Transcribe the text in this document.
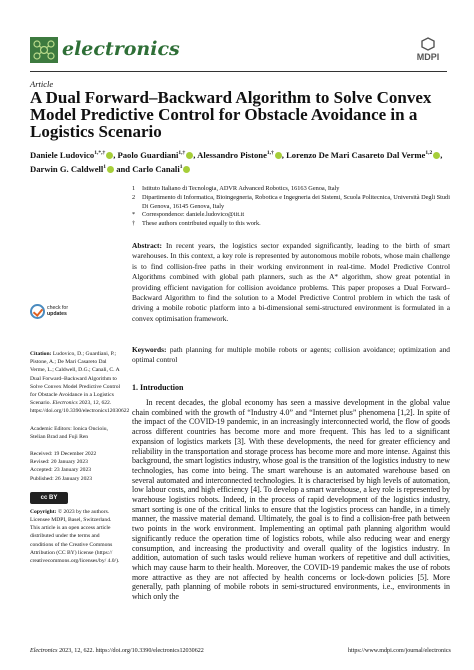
electronics	MDPI
Article
A Dual Forward–Backward Algorithm to Solve Convex Model Predictive Control for Obstacle Avoidance in a Logistics Scenario
Daniele Ludovico$^{1,*,\dagger}$ , Paolo Guardiani$^{1,\dagger}$ , Alessandro Pistone$^{1,\dagger}$ , Lorenzo De Mari Casareto Dal Verme$^{1,2}$ , Darwin G. Caldwell$^1$ and Carlo Canali$^1$
1	Istituto Italiano di Tecnologia, ADVR Advanced Robotics, 16163 Genoa, Italy
2	Dipartimento di Informatica, Bioingegneria, Robotica e Ingegneria dei Sistemi, Scuola Politecnica, Università Degli Studi Di Genova, 16145 Genova, Italy
*	Correspondence: daniele.ludovico@iit.it
†	These authors contributed equally to this work.
Abstract: In recent years, the logistics sector expanded significantly, leading to the birth of smart warehouses. In this context, a key role is represented by autonomous mobile robots, whose main challenge is to find collision-free paths in their working environment in real-time. Model Predictive Control Algorithms combined with global path planners, such as the A* algorithm, show great potential in providing efficient navigation for collision avoidance problems. This paper proposes a Dual Forward–Backward Algorithm to find the solution to a Model Predictive Control problem in which the task of driving a mobile robotic platform into a bi-dimensional semi-structured environment is formulated in a convex optimisation framework.
Keywords: path planning for multiple mobile robots or agents; collision avoidance; optimization and optimal control
check for
updates

Citation: Ludovico, D.; Guardiani, P.; Pistone, A.; De Mari Casareto Dal Verme, L.; Caldwell, D.G.; Canali, C. A Dual Forward–Backward Algorithm to Solve Convex Model Predictive Control for Obstacle Avoidance in a Logistics Scenario. Electronics 2023, 12, 622. https://doi.org/10.3390/electronics12030622

Academic Editors: Ionica Oncioiu, Stelian Brad and Fuji Ren

Received: 19 December 2022
Revised: 20 January 2023
Accepted: 23 January 2023
Published: 26 January 2023

cc BY

Copyright: © 2023 by the authors. Licensee MDPI, Basel, Switzerland. This article is an open access article distributed under the terms and conditions of the Creative Commons Attribution (CC BY) license (https:// creativecommons.org/licenses/by/ 4.0/).

1. Introduction
In recent decades, the global economy has seen a massive development in the global value chain combined with the growth of “Industry 4.0” and “Internet plus” phenomena [1,2]. In spite of the impact of the COVID-19 pandemic, in an increasingly interconnected world, the flow of goods across different countries has become more and more frequent. This has led to a significant expansion of logistics markets [3]. With these developments, the need for greater efficiency and reliability in the transportation and storage process has become more and more intense. Against this background, the smart logistics industry, whose goal is the transition of the logistics industry to new technologies, has come into being. The smart warehouse is an automated warehouse based on several automated and interconnected technologies. It is characterised by high levels of automation, low labour costs, and high efficiency [4]. To develop a smart warehouse, a key role is represented by warehouse logistics robots. Indeed, in the process of rapid development of the logistics industry, smart sorting is one of the critical links to ensure that the logistics process can handle, in a timely manner, the massive material demand. Ultimately, the goal is to find a collision-free path between two points in the work environment. Implementing an optimal path planning algorithm would significantly reduce the operation time of logistics robots, while also reducing wear and energy consumption, and increasing the productivity and overall quality of the logistics industry. In addition, automation of such tasks would relieve human workers of repetitive and dull activities, which may cause harm to their health. Moreover, the COVID-19 pandemic makes the use of robots more attractive as they are not affected by health concerns or lock-down policies [5]. More generally, path planning of mobile robots in semi-structured environments, i.e., environments in which only the
Electronics 2023, 12, 622. https://doi.org/10.3390/electronics12030622	https://www.mdpi.com/journal/electronics
